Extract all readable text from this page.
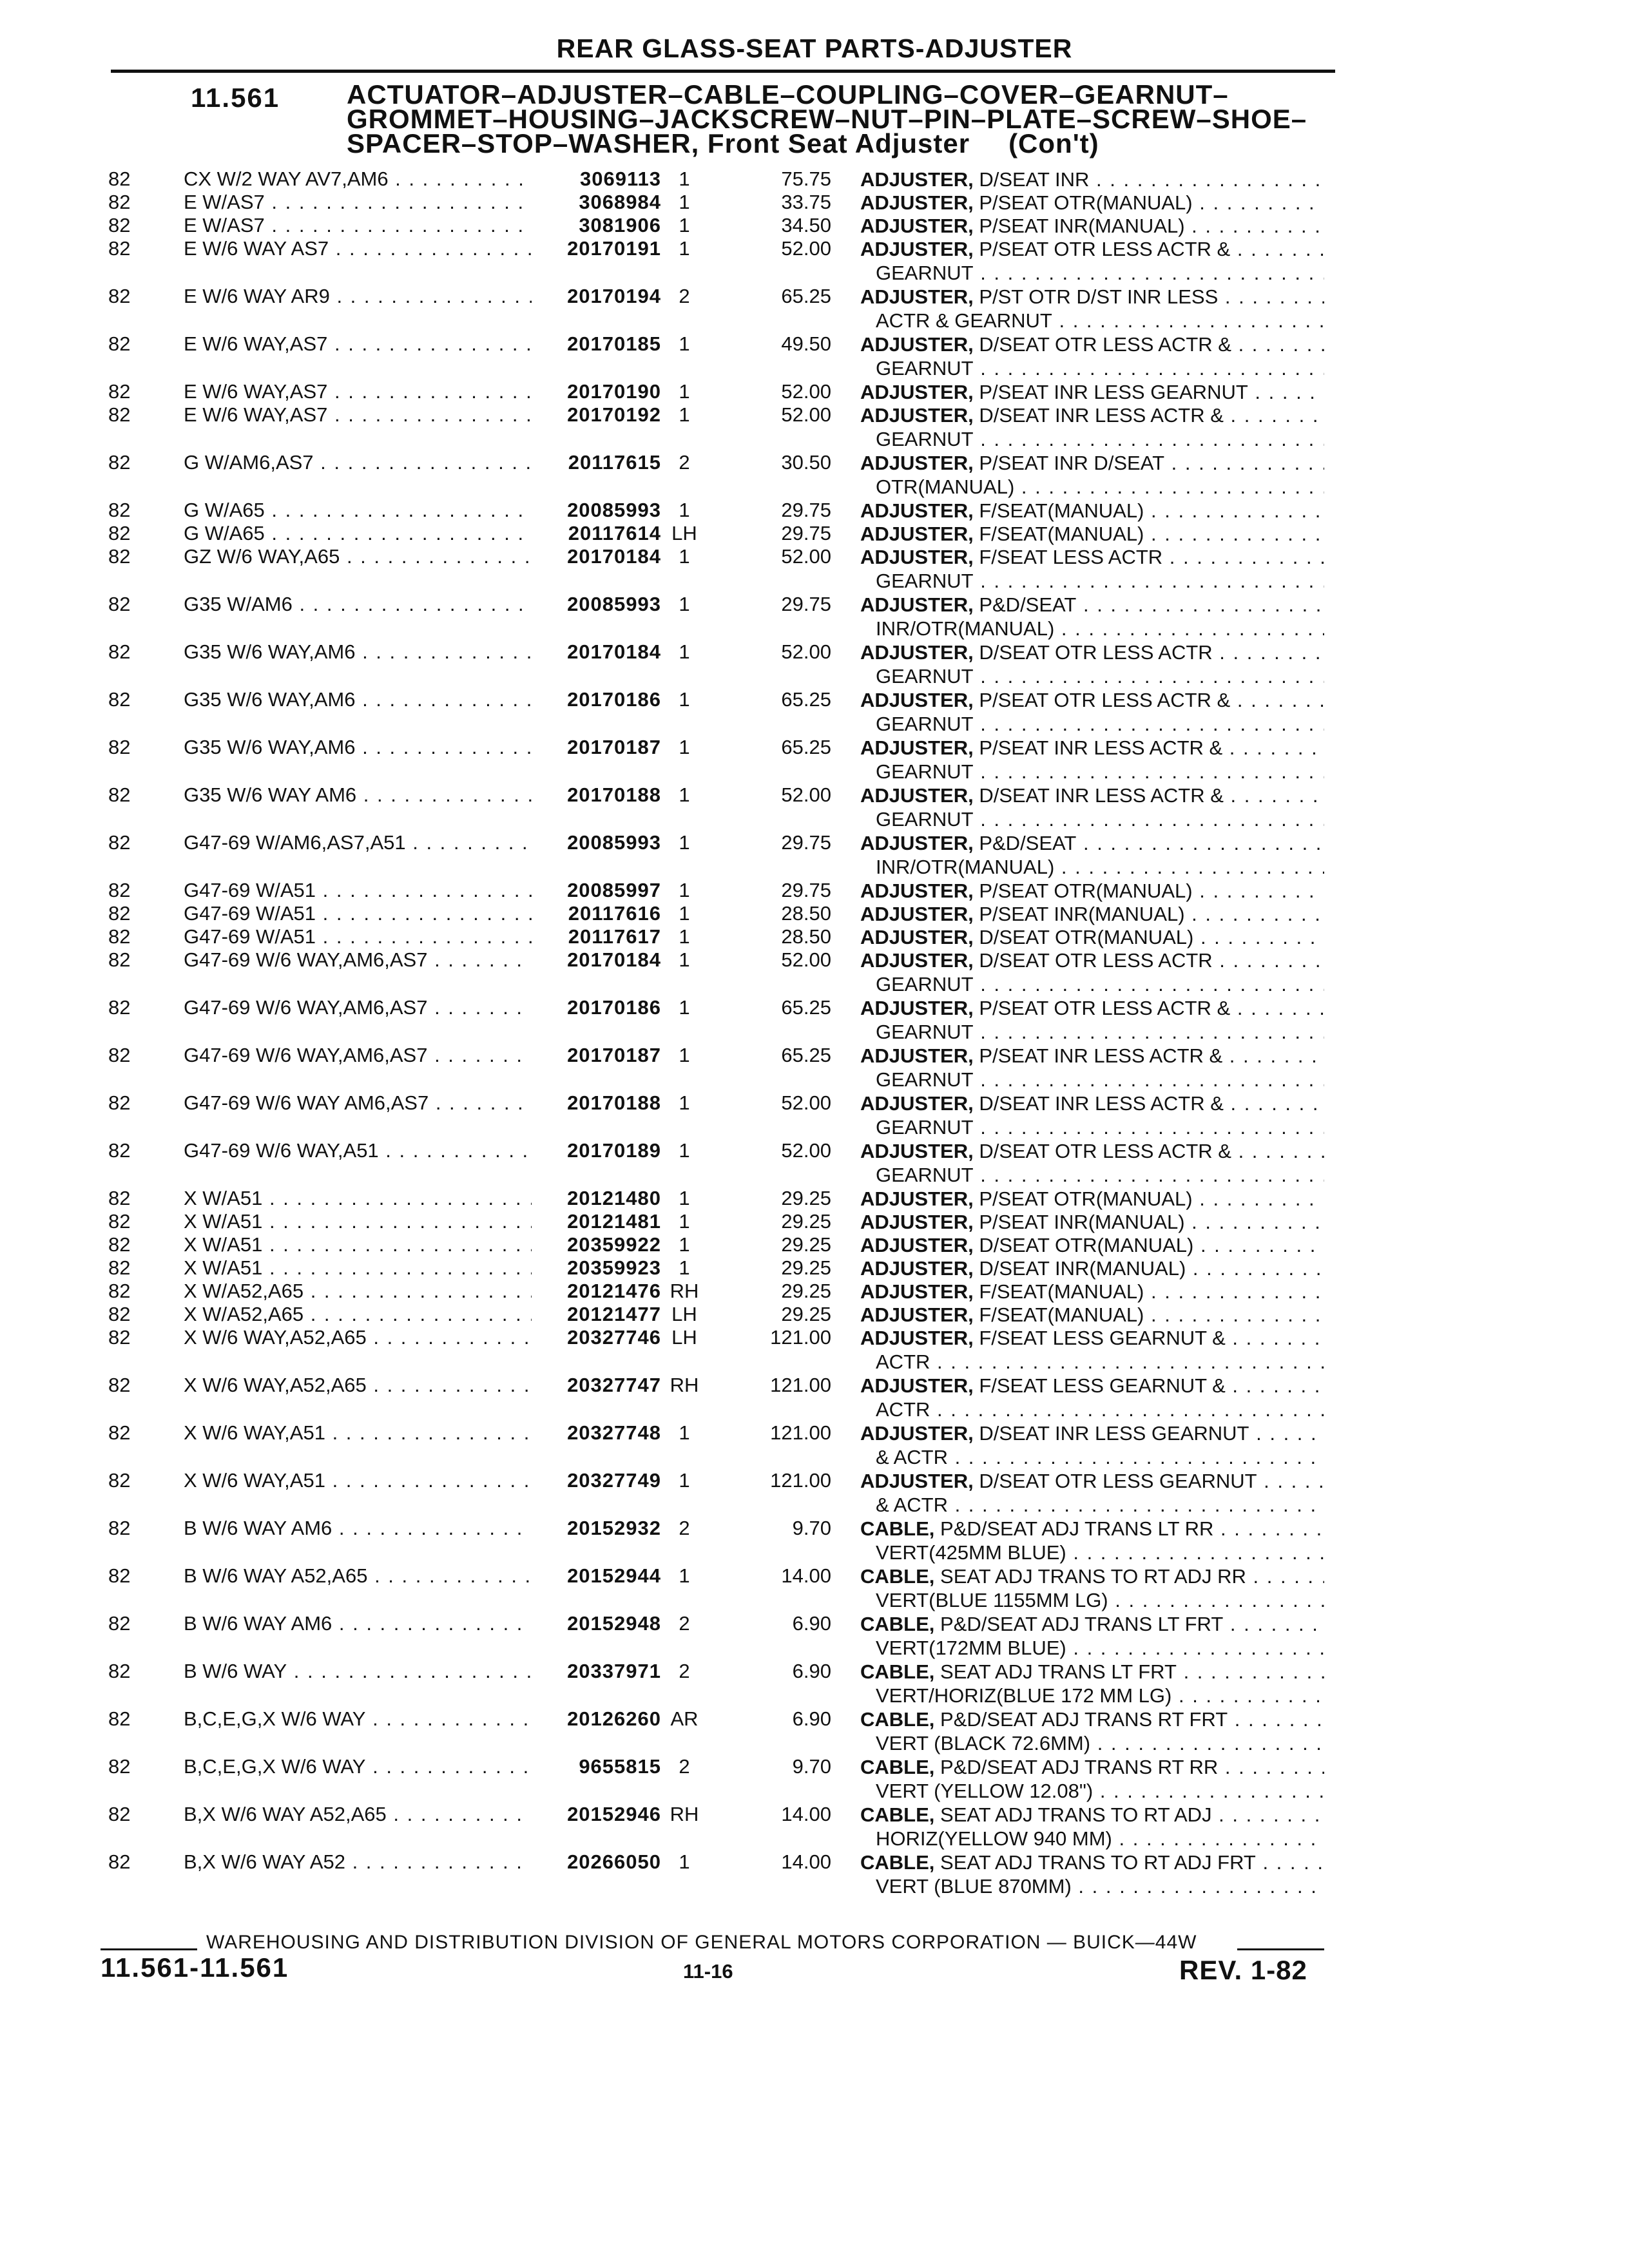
REAR GLASS-SEAT PARTS-ADJUSTER
11.561 ACTUATOR–ADJUSTER–CABLE–COUPLING–COVER–GEARNUT–
GROMMET–HOUSING–JACKSCREW–NUT–PIN–PLATE–SCREW–SHOE–
SPACER–STOP–WASHER, Front Seat Adjuster (Con't)
82	CX W/2 WAY AV7,AM6 . . .	3069113 1	75.75 ADJUSTER, D/SEAT INR . . .
82	E W/AS7 . . .	3068984 1	33.75 ADJUSTER, P/SEAT OTR(MANUAL) . . .
82	E W/AS7 . . .	3081906 1	34.50 ADJUSTER, P/SEAT INR(MANUAL) . . .
82	E W/6 WAY AS7 . . .	20170191 1	52.00 ADJUSTER, P/SEAT OTR LESS ACTR & . . .
GEARNUT . . .
82	E W/6 WAY AR9 . . .	20170194 2	65.25 ADJUSTER, P/ST OTR D/ST INR LESS . . .
ACTR & GEARNUT . . .
82	E W/6 WAY,AS7 . . .	20170185 1	49.50 ADJUSTER, D/SEAT OTR LESS ACTR & . . .
GEARNUT . . .
82	E W/6 WAY,AS7 . . .	20170190 1	52.00 ADJUSTER, P/SEAT INR LESS GEARNUT . . .
82	E W/6 WAY,AS7 . . .	20170192 1	52.00 ADJUSTER, D/SEAT INR LESS ACTR & . . .
GEARNUT . . .
82	G W/AM6,AS7 . . .	20117615 2	30.50 ADJUSTER, P/SEAT INR D/SEAT . . .
OTR(MANUAL) . . .
82	G W/A65 . . .	20085993 1	29.75 ADJUSTER, F/SEAT(MANUAL) . . .
82	G W/A65 . . .	20117614 LH	29.75 ADJUSTER, F/SEAT(MANUAL) . . .
82	GZ W/6 WAY,A65 . . .	20170184 1	52.00 ADJUSTER, F/SEAT LESS ACTR . . .
GEARNUT . . .
82	G35 W/AM6 . . .	20085993 1	29.75 ADJUSTER, P&D/SEAT . . .
INR/OTR(MANUAL) . . .
82	G35 W/6 WAY,AM6 . . .	20170184 1	52.00 ADJUSTER, D/SEAT OTR LESS ACTR . . .
GEARNUT . . .
82	G35 W/6 WAY,AM6 . . .	20170186 1	65.25 ADJUSTER, P/SEAT OTR LESS ACTR & . . .
GEARNUT . . .
82	G35 W/6 WAY,AM6 . . .	20170187 1	65.25 ADJUSTER, P/SEAT INR LESS ACTR & . . .
GEARNUT . . .
82	G35 W/6 WAY AM6 . . .	20170188 1	52.00 ADJUSTER, D/SEAT INR LESS ACTR & . . .
GEARNUT . . .
82	G47-69 W/AM6,AS7,A51 . . .	20085993 1	29.75 ADJUSTER, P&D/SEAT . . .
INR/OTR(MANUAL) . . .
82	G47-69 W/A51 . . .	20085997 1	29.75 ADJUSTER, P/SEAT OTR(MANUAL) . . .
82	G47-69 W/A51 . . .	20117616 1	28.50 ADJUSTER, P/SEAT INR(MANUAL) . . .
82	G47-69 W/A51 . . .	20117617 1	28.50 ADJUSTER, D/SEAT OTR(MANUAL) . . .
82	G47-69 W/6 WAY,AM6,AS7 . . .	20170184 1	52.00 ADJUSTER, D/SEAT OTR LESS ACTR . . .
GEARNUT . . .
82	G47-69 W/6 WAY,AM6,AS7 . . .	20170186 1	65.25 ADJUSTER, P/SEAT OTR LESS ACTR & . . .
GEARNUT . . .
82	G47-69 W/6 WAY,AM6,AS7 . . .	20170187 1	65.25 ADJUSTER, P/SEAT INR LESS ACTR & . . .
GEARNUT . . .
82	G47-69 W/6 WAY AM6,AS7 . . .	20170188 1	52.00 ADJUSTER, D/SEAT INR LESS ACTR & . . .
GEARNUT . . .
82	G47-69 W/6 WAY,A51 . . .	20170189 1	52.00 ADJUSTER, D/SEAT OTR LESS ACTR & . . .
GEARNUT . . .
82	X W/A51 . . .	20121480 1	29.25 ADJUSTER, P/SEAT OTR(MANUAL) . . .
82	X W/A51 . . .	20121481 1	29.25 ADJUSTER, P/SEAT INR(MANUAL) . . .
82	X W/A51 . . .	20359922 1	29.25 ADJUSTER, D/SEAT OTR(MANUAL) . . .
82	X W/A51 . . .	20359923 1	29.25 ADJUSTER, D/SEAT INR(MANUAL) . . .
82	X W/A52,A65 . . .	20121476 RH	29.25 ADJUSTER, F/SEAT(MANUAL) . . .
82	X W/A52,A65 . . .	20121477 LH	29.25 ADJUSTER, F/SEAT(MANUAL) . . .
82	X W/6 WAY,A52,A65 . . .	20327746 LH	121.00 ADJUSTER, F/SEAT LESS GEARNUT & . . .
ACTR . . .
82	X W/6 WAY,A52,A65 . . .	20327747 RH	121.00 ADJUSTER, F/SEAT LESS GEARNUT & . . .
ACTR . . .
82	X W/6 WAY,A51 . . .	20327748 1	121.00 ADJUSTER, D/SEAT INR LESS GEARNUT . . .
& ACTR . . .
82	X W/6 WAY,A51 . . .	20327749 1	121.00 ADJUSTER, D/SEAT OTR LESS GEARNUT . . .
& ACTR . . .
82	B W/6 WAY AM6 . . .	20152932 2	9.70 CABLE, P&D/SEAT ADJ TRANS LT RR . . .
VERT(425MM BLUE) . . .
82	B W/6 WAY A52,A65 . . .	20152944 1	14.00 CABLE, SEAT ADJ TRANS TO RT ADJ RR . . .
VERT(BLUE 1155MM LG) . . .
82	B W/6 WAY AM6 . . .	20152948 2	6.90 CABLE, P&D/SEAT ADJ TRANS LT FRT . . .
VERT(172MM BLUE) . . .
82	B W/6 WAY . . .	20337971 2	6.90 CABLE, SEAT ADJ TRANS LT FRT . . .
VERT/HORIZ(BLUE 172 MM LG) . . .
82	B,C,E,G,X W/6 WAY . . .	20126260 AR	6.90 CABLE, P&D/SEAT ADJ TRANS RT FRT . . .
VERT (BLACK 72.6MM) . . .
82	B,C,E,G,X W/6 WAY . . .	9655815 2	9.70 CABLE, P&D/SEAT ADJ TRANS RT RR . . .
VERT (YELLOW 12.08") . . .
82	B,X W/6 WAY A52,A65 . . .	20152946 RH	14.00 CABLE, SEAT ADJ TRANS TO RT ADJ . . .
HORIZ(YELLOW 940 MM) . . .
82	B,X W/6 WAY A52 . . .	20266050 1	14.00 CABLE, SEAT ADJ TRANS TO RT ADJ FRT . . .
VERT (BLUE 870MM) . . .
WAREHOUSING AND DISTRIBUTION DIVISION OF GENERAL MOTORS CORPORATION — BUICK—44W
11.561-11.561	11-16	REV. 1-82
